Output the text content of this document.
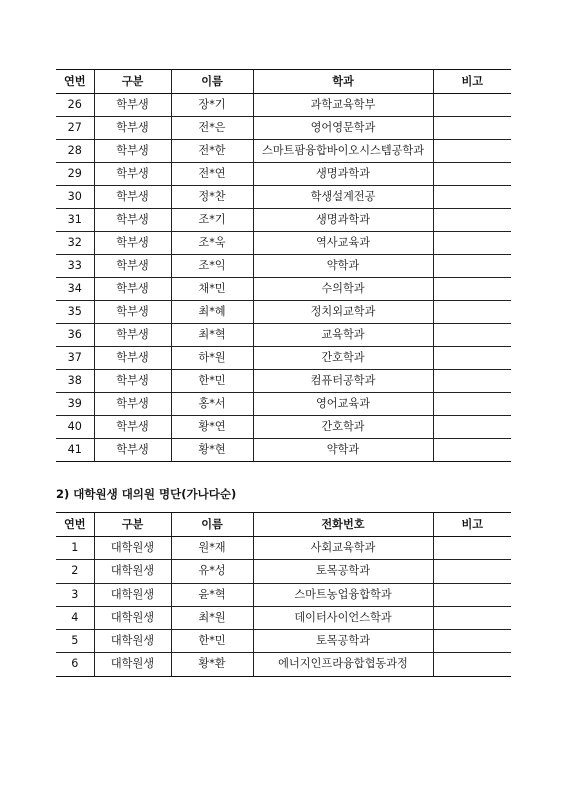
연번	구분	이름	학과	비고
26	학부생	장*기	과학교육학부	
27	학부생	전*은	영어영문학과	
28	학부생	전*한	스마트팜융합바이오시스템공학과	
29	학부생	전*연	생명과학과	
30	학부생	정*찬	학생설계전공	
31	학부생	조*기	생명과학과	
32	학부생	조*욱	역사교육과	
33	학부생	조*익	약학과	
34	학부생	채*민	수의학과	
35	학부생	최*혜	정치외교학과	
36	학부생	최*혁	교육학과	
37	학부생	하*원	간호학과	
38	학부생	한*민	컴퓨터공학과	
39	학부생	홍*서	영어교육과	
40	학부생	황*연	간호학과	
41	학부생	황*현	약학과	
2) 대학원생 대의원 명단(가나다순)
연번	구분	이름	전화번호	비고
1	대학원생	원*재	사회교육학과	
2	대학원생	유*성	토목공학과	
3	대학원생	윤*혁	스마트농업융합학과	
4	대학원생	최*원	데이터사이언스학과	
5	대학원생	한*민	토목공학과	
6	대학원생	황*환	에너지인프라융합협동과정	
